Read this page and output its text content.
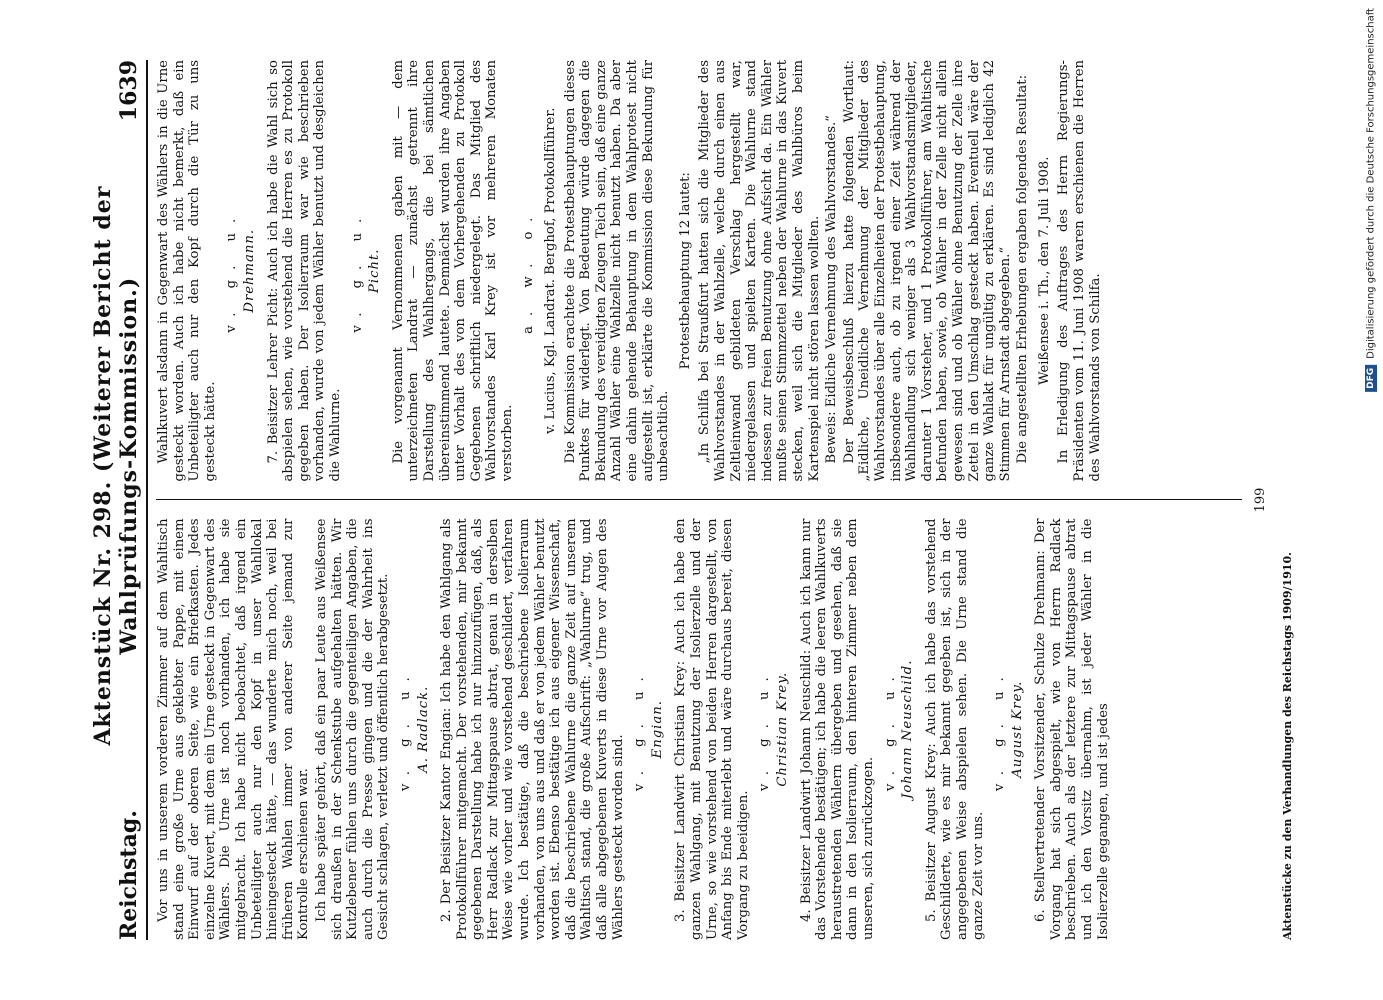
Reichstag.
Aktenstück Nr. 298. (Weiterer Bericht der Wahlprüfungs-Kommission.)
1639

Vor uns in unserem vorderen Zimmer auf dem Wahltisch stand eine große Urne aus geklebter Pappe, mit einem Einwurf auf der oberen Seite, wie ein Briefkasten. Jedes einzelne Kuvert, mit dem ein Urne gesteckt in Gegenwart des Wählers. Die Urne ist noch vorhanden, ich habe sie mitgebracht. Ich habe nicht beobachtet, daß irgend ein Unbeteiligter auch nur den Kopf in unser Wahllokal hineingesteckt hätte, — das wunderte mich noch, weil bei früheren Wahlen immer von anderer Seite jemand zur Kontrolle erschienen war. Ich habe später gehört, daß ein paar Leute aus Weißensee sich draußen in der Schenkstube aufgehalten hätten. Wir Kutzlebener fühlen uns durch die gegenteiligen Angaben, die auch durch die Presse gingen und die der Wahrheit ins Gesicht schlagen, verletzt und öffentlich herabgesetzt. v. g. u. A. Radlack. 2. Der Beisitzer Kantor Engian: Ich habe den Wahlgang als Protokollführer mitgemacht. Der vorstehenden, mir bekannt gegebenen Darstellung habe ich nur hinzuzufügen, daß, als Herr Radlack zur Mittagspause abtrat, genau in derselben Weise wie vorher und wie vorstehend geschildert, verfahren wurde. Ich bestätige, daß die beschriebene Isolierraum vorhanden, von uns aus und daß er von jedem Wähler benutzt worden ist. Ebenso bestätige ich aus eigener Wissenschaft, daß die beschriebene Wahlurne die ganze Zeit auf unserem Wahltisch stand, die große Aufschrift: „Wahlurne“ trug, und daß alle abgegebenen Kuverts in diese Urne vor Augen des Wählers gesteckt worden sind.

v. g. u. Engian. 3. Beisitzer Landwirt Christian Krey: Auch ich habe den ganzen Wahlgang, mit Benutzung der Isolierzelle und der Urne, so wie vorstehend von beiden Herren dargestellt, von Anfang bis Ende miterlebt und wäre durchaus bereit, diesen Vorgang zu beeidigen.

v. g. u. Christian Krey. 4. Beisitzer Landwirt Johann Neuschild: Auch ich kann nur das Vorstehende bestätigen; ich habe die leeren Wahlkuverts heraustretenden Wählern übergeben und gesehen, daß sie dann in den Isolierraum, den hinteren Zimmer neben dem unseren, sich zurückzogen.

v. g. u. Johann Neuschild. 5. Beisitzer August Krey: Auch ich habe das vorstehend Geschilderte, wie es mir bekannt gegeben ist, sich in der angegebenen Weise abspielen sehen. Die Urne stand die ganze Zeit vor uns.

v. g. u. August Krey. 6. Stellvertretender Vorsitzender, Schulze Drehmann: Der Vorgang hat sich abgespielt, wie von Herrn Radlack beschrieben. Auch als der letztere zur Mittagspause abtrat und ich den Vorsitz übernahm, ist jeder Wähler in die Isolierzelle gegangen, und ist jedes

Wahlkuvert alsdann in Gegenwart des Wählers in die Urne gesteckt worden. Auch ich habe nicht bemerkt, daß ein Unbeteiligter auch nur den Kopf durch die Tür zu uns gesteckt hätte.

v. g. u. Drehmann. 7. Beisitzer Lehrer Picht: Auch ich habe die Wahl sich so abspielen sehen, wie vorstehend die Herren es zu Protokoll gegeben haben. Der Isolierraum war wie beschrieben vorhanden, wurde von jedem Wähler benutzt und desgleichen die Wahlurne.

v. g. u. Picht. Die vorgenannt Vernommenen gaben mit — dem unterzeichneten Landrat — zunächst getrennt ihre Darstellung des Wahlhergangs, die bei sämtlichen übereinstimmend lautete. Demnächst wurden ihre Angaben unter Vorhalt des von dem Vorhergehenden zu Protokoll Gegebenen schriftlich niedergelegt. Das Mitglied des Wahlvorstandes Karl Krey ist vor mehreren Monaten verstorben.

a. w. o. v. Lucius, Kgl. Landrat. Berghof, Protokollführer. Die Kommission erachtete die Protestbehauptungen dieses Punktes für widerlegt. Von Bedeutung würde dagegen die Bekundung des vereidigten Zeugen Teich sein, daß eine ganze Anzahl Wähler eine Wahlzelle nicht benutzt haben. Da aber eine dahin gehende Behauptung in dem Wahlprotest nicht aufgestellt ist, erklärte die Kommission diese Bekundung für unbeachtlich.

Protestbehauptung 12 lautet: „In Schilfa bei Straußfurt hatten sich die Mitglieder des Wahlvorstandes in der Wahlzelle, welche durch einen aus Zeltleinwand gebildeten Verschlag hergestellt war, niedergelassen und spielten Karten. Die Wahlurne stand indessen zur freien Benutzung ohne Aufsicht da. Ein Wähler mußte seinen Stimmzettel neben der Wahlurne in das Kuvert stecken, weil sich die Mitglieder des Wahlbüros beim Kartenspiel nicht stören lassen wollten. Beweis: Eidliche Vernehmung des Wahlvorstandes.“ Der Beweisbeschluß hierzu hatte folgenden Wortlaut: „Eidliche, Uneidliche Vernehmung der Mitglieder des Wahlvorstandes über alle Einzelheiten der Protestbehauptung, insbesondere auch, ob zu irgend einer Zeit während der Wahlhandlung sich weniger als 3 Wahlvorstandsmitglieder, darunter 1 Vorsteher, und 1 Protokollführer, am Wahltische befunden haben, sowie, ob Wähler in der Zelle nicht allein gewesen sind und ob Wähler ohne Benutzung der Zelle ihre Zettel in den Umschlag gesteckt haben. Eventuell wäre der ganze Wahlakt für ungültig zu erklären. Es sind lediglich 42 Stimmen für Arnstadt abgegeben.“ Die angestellten Erhebungen ergaben folgendes Resultat: Weißensee i. Th., den 7. Juli 1908. In Erledigung des Auftrages des Herrn Regierungs-Präsidenten vom 11. Juni 1908 waren erschienen die Herren des Wahlvorstands von Schilfa.

199
Aktenstücke zu den Verhandlungen des Reichstags 1909/1910.
DFG
Digitalisierung gefördert durch die Deutsche Forschungsgemeinschaft
